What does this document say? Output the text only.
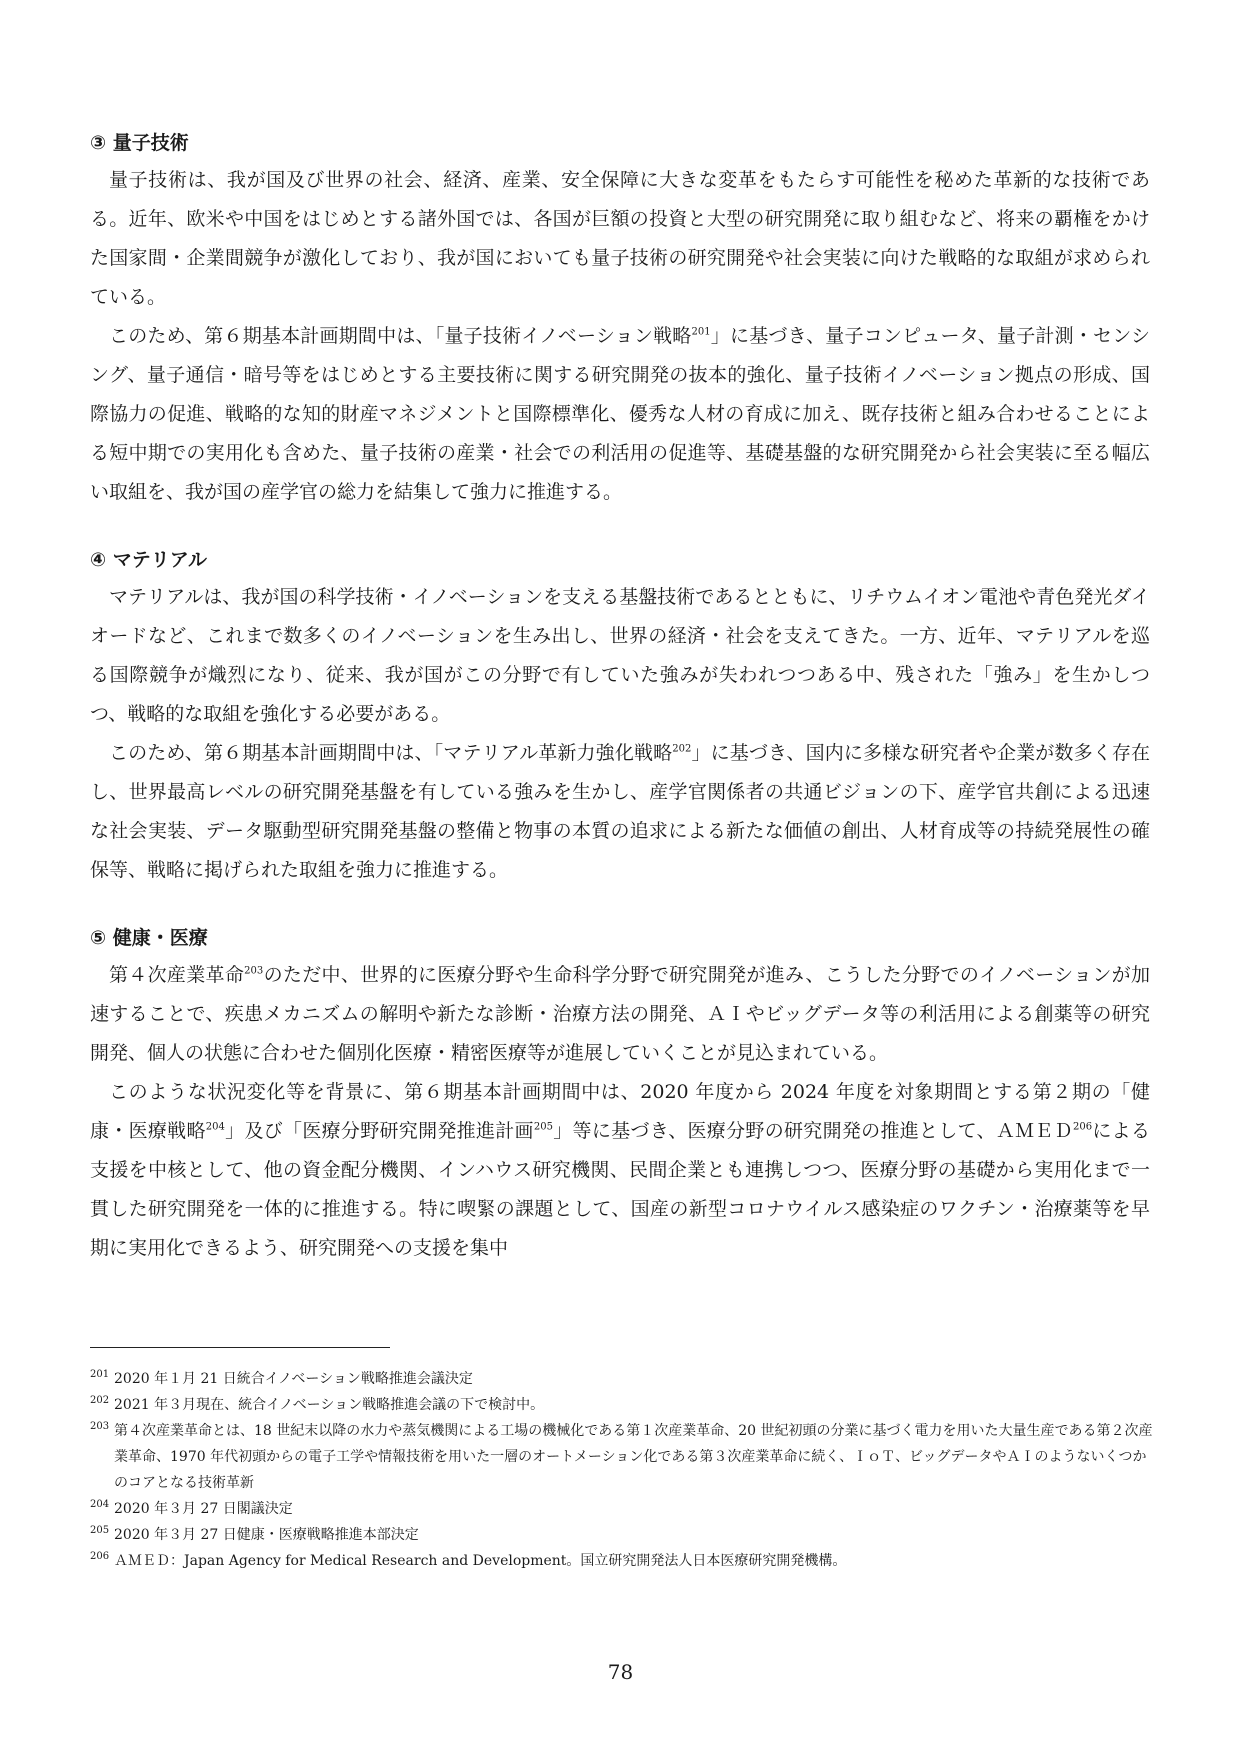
③ 量子技術

量子技術は、我が国及び世界の社会、経済、産業、安全保障に大きな変革をもたらす可能性を秘めた革新的な技術である。近年、欧米や中国をはじめとする諸外国では、各国が巨額の投資と大型の研究開発に取り組むなど、将来の覇権をかけた国家間・企業間競争が激化しており、我が国においても量子技術の研究開発や社会実装に向けた戦略的な取組が求められている。

このため、第６期基本計画期間中は、「量子技術イノベーション戦略$^{201}$」に基づき、量子コンピュータ、量子計測・センシング、量子通信・暗号等をはじめとする主要技術に関する研究開発の抜本的強化、量子技術イノベーション拠点の形成、国際協力の促進、戦略的な知的財産マネジメントと国際標準化、優秀な人材の育成に加え、既存技術と組み合わせることによる短中期での実用化も含めた、量子技術の産業・社会での利活用の促進等、基礎基盤的な研究開発から社会実装に至る幅広い取組を、我が国の産学官の総力を結集して強力に推進する。

④ マテリアル

マテリアルは、我が国の科学技術・イノベーションを支える基盤技術であるとともに、リチウムイオン電池や青色発光ダイオードなど、これまで数多くのイノベーションを生み出し、世界の経済・社会を支えてきた。一方、近年、マテリアルを巡る国際競争が熾烈になり、従来、我が国がこの分野で有していた強みが失われつつある中、残された「強み」を生かしつつ、戦略的な取組を強化する必要がある。

このため、第６期基本計画期間中は、「マテリアル革新力強化戦略$^{202}$」に基づき、国内に多様な研究者や企業が数多く存在し、世界最高レベルの研究開発基盤を有している強みを生かし、産学官関係者の共通ビジョンの下、産学官共創による迅速な社会実装、データ駆動型研究開発基盤の整備と物事の本質の追求による新たな価値の創出、人材育成等の持続発展性の確保等、戦略に掲げられた取組を強力に推進する。

⑤ 健康・医療

第４次産業革命$^{203}$のただ中、世界的に医療分野や生命科学分野で研究開発が進み、こうした分野でのイノベーションが加速することで、疾患メカニズムの解明や新たな診断・治療方法の開発、ＡＩやビッグデータ等の利活用による創薬等の研究開発、個人の状態に合わせた個別化医療・精密医療等が進展していくことが見込まれている。

このような状況変化等を背景に、第６期基本計画期間中は、2020 年度から 2024 年度を対象期間とする第２期の「健康・医療戦略$^{204}$」及び「医療分野研究開発推進計画$^{205}$」等に基づき、医療分野の研究開発の推進として、ＡＭＥＤ$^{206}$による支援を中核として、他の資金配分機関、インハウス研究機関、民間企業とも連携しつつ、医療分野の基礎から実用化まで一貫した研究開発を一体的に推進する。特に喫緊の課題として、国産の新型コロナウイルス感染症のワクチン・治療薬等を早期に実用化できるよう、研究開発への支援を集中

201 2020 年１月 21 日統合イノベーション戦略推進会議決定
202 2021 年３月現在、統合イノベーション戦略推進会議の下で検討中。
203 第４次産業革命とは、18 世紀末以降の水力や蒸気機関による工場の機械化である第１次産業革命、20 世紀初頭の分業に基づく電力を用いた大量生産である第２次産業革命、1970 年代初頭からの電子工学や情報技術を用いた一層のオートメーション化である第３次産業革命に続く、ＩｏＴ、ビッグデータやＡＩのようないくつかのコアとなる技術革新
204 2020 年３月 27 日閣議決定
205 2020 年３月 27 日健康・医療戦略推進本部決定
206 ＡＭＥＤ：Japan Agency for Medical Research and Development。国立研究開発法人日本医療研究開発機構。
78
